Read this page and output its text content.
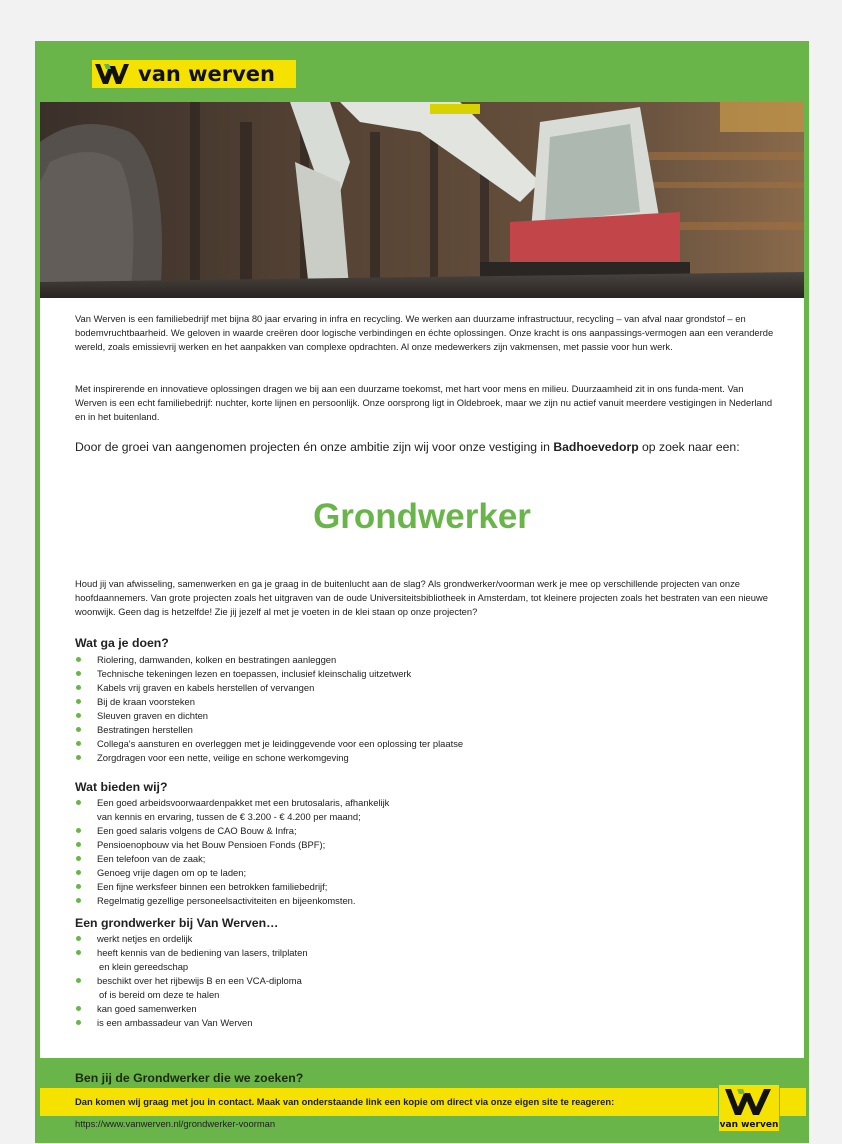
van werven

Van Werven is een familiebedrijf met bijna 80 jaar ervaring in infra en recycling. We werken aan duurzame infrastructuur, recycling – van afval naar grondstof – en bodemvruchtbaarheid. We geloven in waarde creëren door logische verbindingen en échte oplossingen. Onze kracht is ons aanpassings-vermogen aan een veranderde wereld, zoals emissievrij werken en het aanpakken van complexe opdrachten. Al onze medewerkers zijn vakmensen, met passie voor hun werk.

Met inspirerende en innovatieve oplossingen dragen we bij aan een duurzame toekomst, met hart voor mens en milieu. Duurzaamheid zit in ons funda-ment. Van Werven is een echt familiebedrijf: nuchter, korte lijnen en persoonlijk. Onze oorsprong ligt in Oldebroek, maar we zijn nu actief vanuit meerdere vestigingen in Nederland en in het buitenland.

Door de groei van aangenomen projecten én onze ambitie zijn wij voor onze vestiging in Badhoevedorp op zoek naar een:
Grondwerker

Houd jij van afwisseling, samenwerken en ga je graag in de buitenlucht aan de slag? Als grondwerker/voorman werk je mee op verschillende projecten van onze hoofdaannemers. Van grote projecten zoals het uitgraven van de oude Universiteitsbibliotheek in Amsterdam, tot kleinere projecten zoals het bestraten van een nieuwe woonwijk. Geen dag is hetzelfde! Zie jij jezelf al met je voeten in de klei staan op onze projecten?

Wat ga je doen?
Riolering, damwanden, kolken en bestratingen aanleggen
Technische tekeningen lezen en toepassen, inclusief kleinschalig uitzetwerk
Kabels vrij graven en kabels herstellen of vervangen
Bij de kraan voorsteken
Sleuven graven en dichten
Bestratingen herstellen
Collega's aansturen en overleggen met je leidinggevende voor een oplossing ter plaatse
Zorgdragen voor een nette, veilige en schone werkomgeving
Wat bieden wij?
Een goed arbeidsvoorwaardenpakket met een brutosalaris, afhankelijk
van kennis en ervaring, tussen de € 3.200 - € 4.200 per maand;
Een goed salaris volgens de CAO Bouw & Infra;
Pensioenopbouw via het Bouw Pensioen Fonds (BPF);
Een telefoon van de zaak;
Genoeg vrije dagen om op te laden;
Een fijne werksfeer binnen een betrokken familiebedrijf;
Regelmatig gezellige personeelsactiviteiten en bijeenkomsten.
Een grondwerker bij Van Werven…
werkt netjes en ordelijk
heeft kennis van de bediening van lasers, trilplaten
en klein gereedschap
beschikt over het rijbewijs B en een VCA-diploma
of is bereid om deze te halen
kan goed samenwerken
is een ambassadeur van Van Werven
Ben jij de Grondwerker die we zoeken?
Dan komen wij graag met jou in contact. Maak van onderstaande link een kopie om direct via onze eigen site te reageren:
https://www.vanwerven.nl/grondwerker-voorman	van werven
